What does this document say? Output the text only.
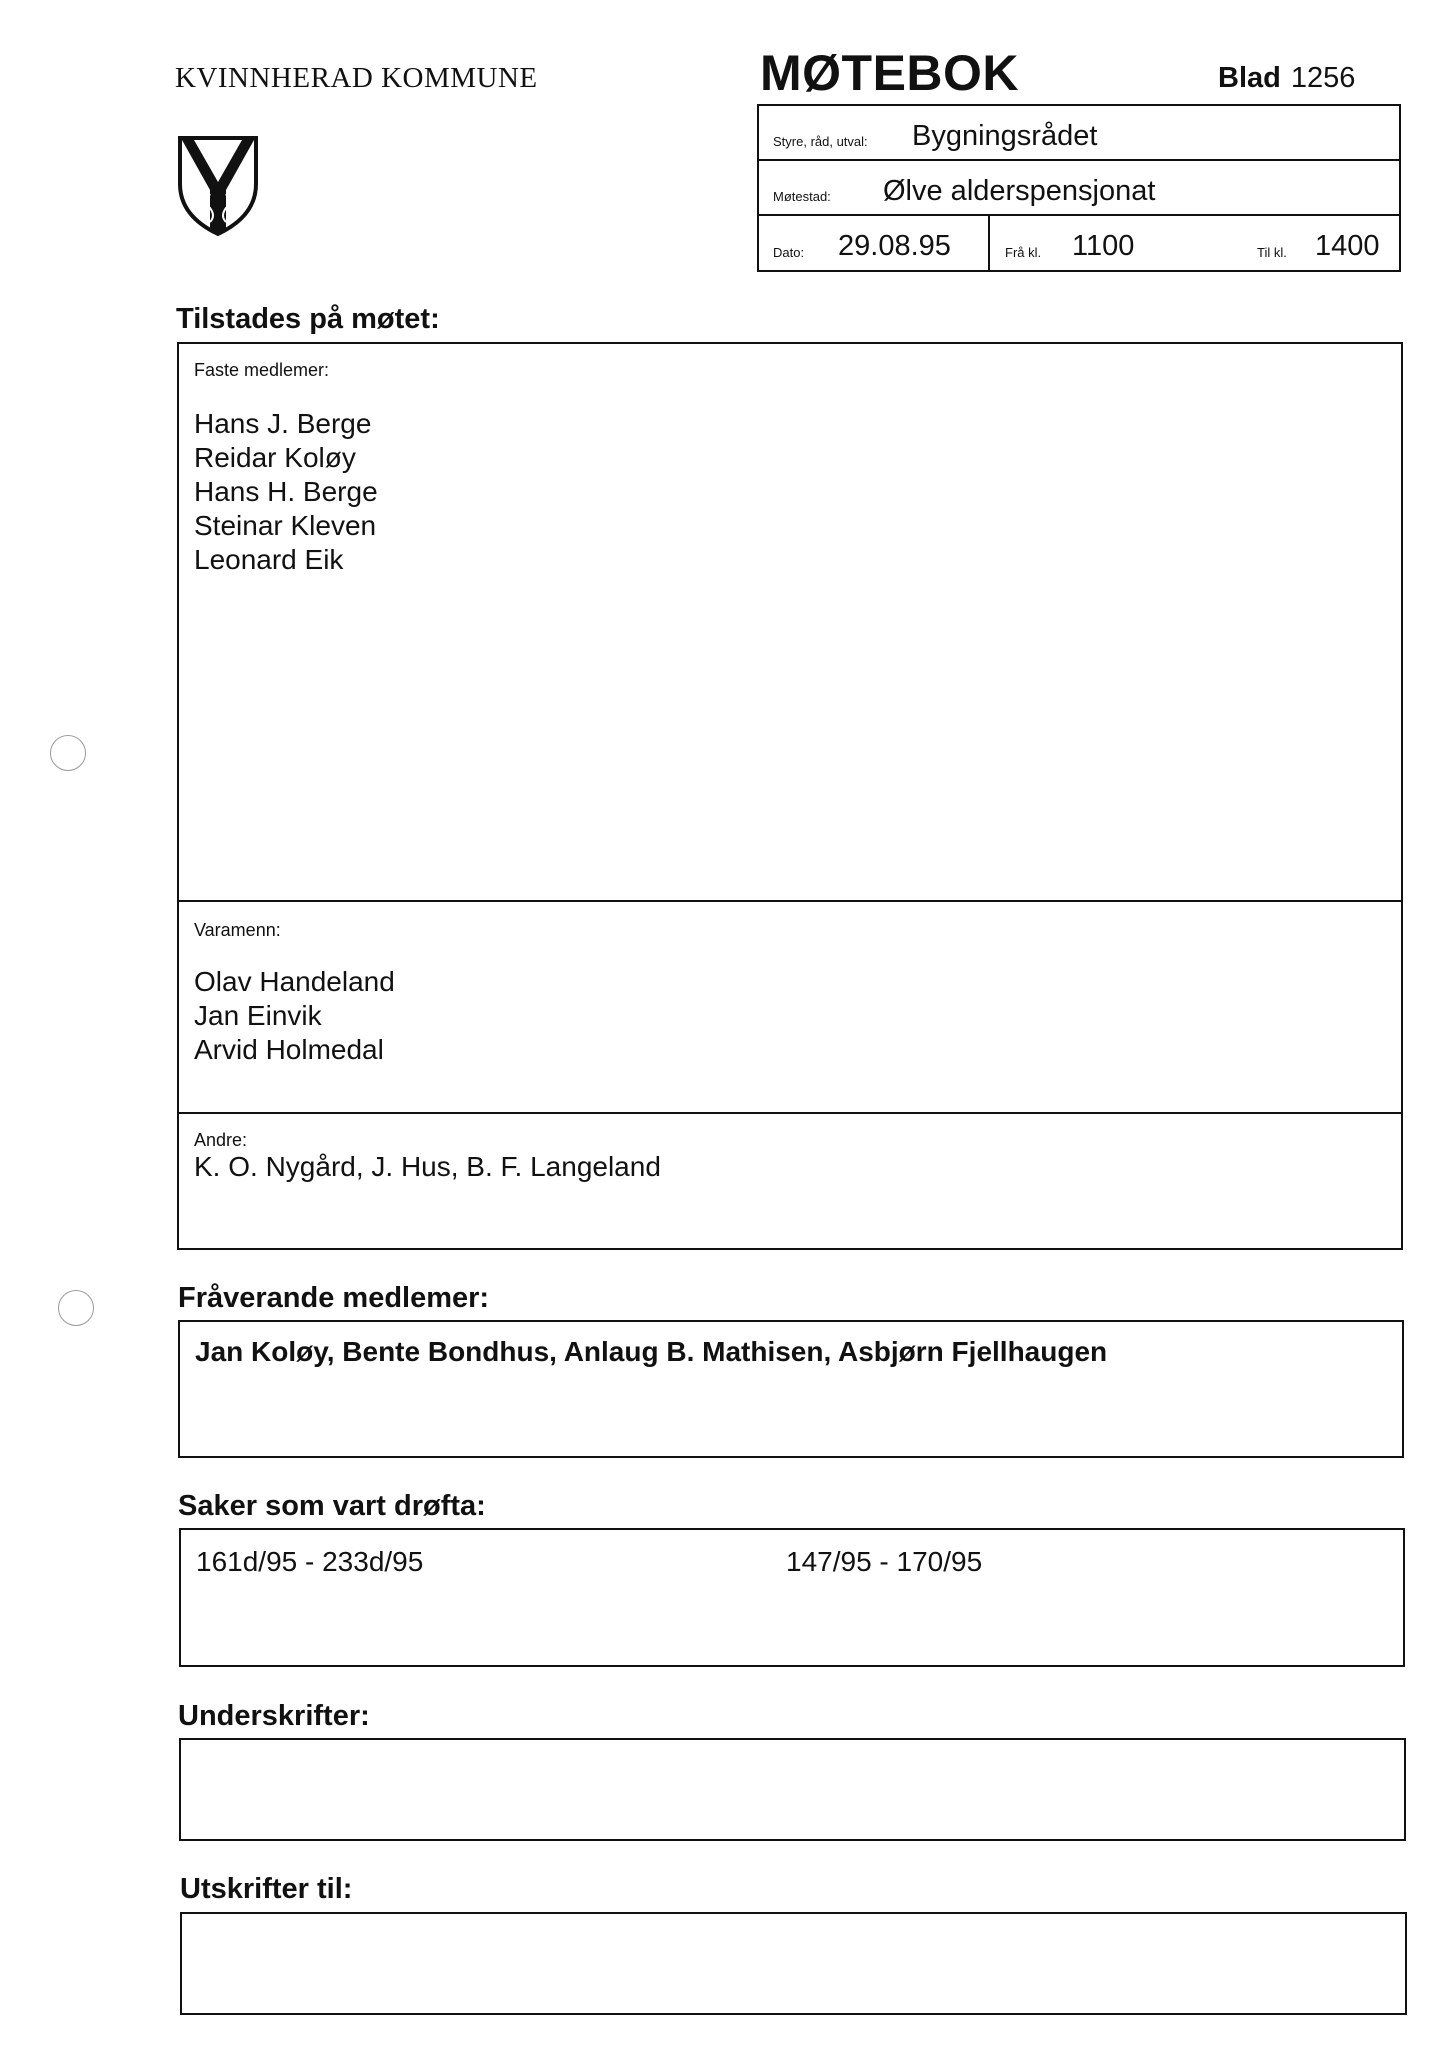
KVINNHERAD KOMMUNE	MØTEBOK	Blad 1256
Styre, råd, utval: Bygningsrådet
Møtestad: Ølve alderspensjonat
Dato: 29.08.95	Frå kl. 1100	Til kl. 1400
Tilstades på møtet:
Faste medlemer:
Hans J. Berge
Reidar Koløy
Hans H. Berge
Steinar Kleven
Leonard Eik
Varamenn:
Olav Handeland
Jan Einvik
Arvid Holmedal
Andre:
K. O. Nygård, J. Hus, B. F. Langeland
Fråverande medlemer:
Jan Koløy, Bente Bondhus, Anlaug B. Mathisen, Asbjørn Fjellhaugen
Saker som vart drøfta:
161d/95 - 233d/95	147/95 - 170/95
Underskrifter:
Utskrifter til:
